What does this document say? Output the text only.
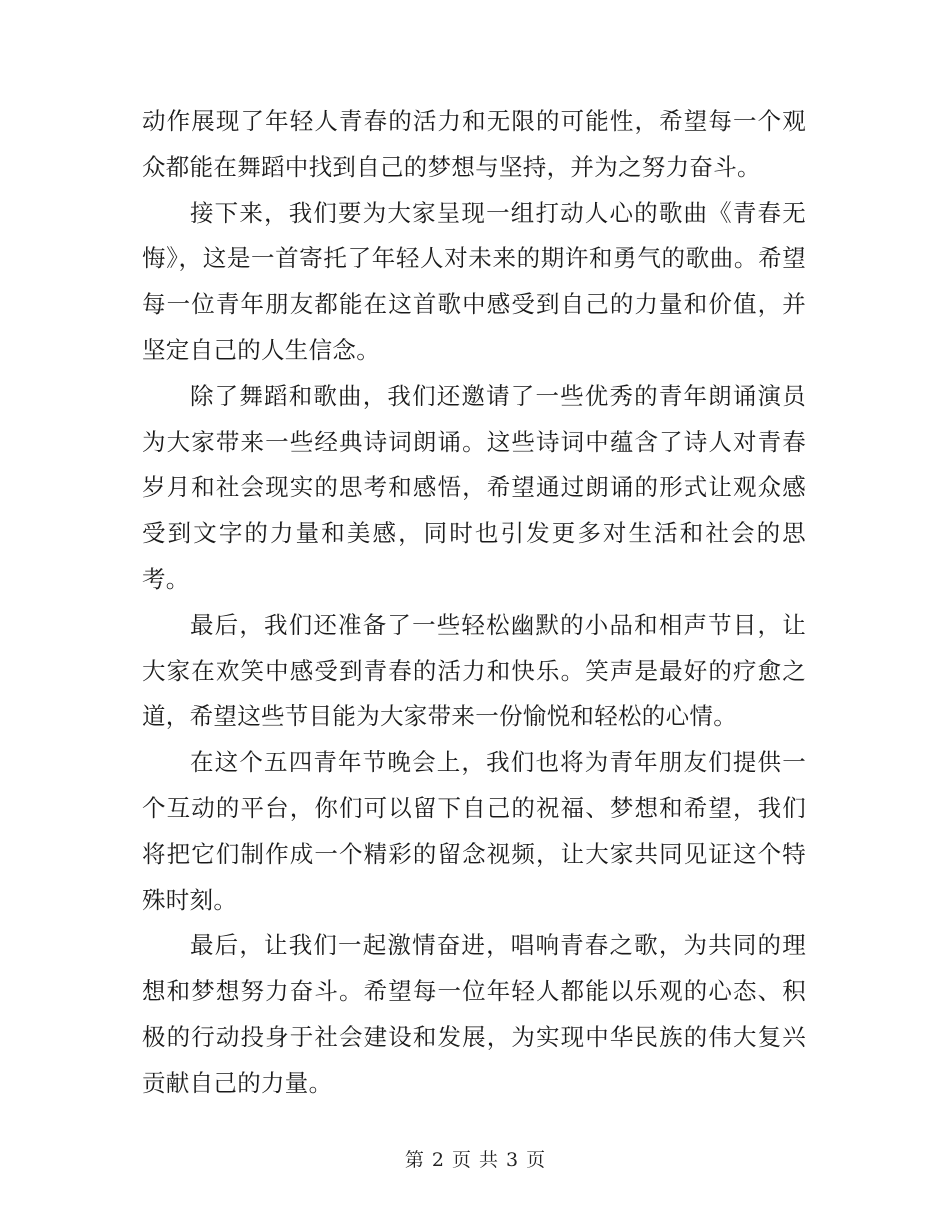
动作展现了年轻人青春的活力和无限的可能性，希望每一个观众都能在舞蹈中找到自己的梦想与坚持，并为之努力奋斗。

接下来，我们要为大家呈现一组打动人心的歌曲《青春无悔》，这是一首寄托了年轻人对未来的期许和勇气的歌曲。希望每一位青年朋友都能在这首歌中感受到自己的力量和价值，并坚定自己的人生信念。

除了舞蹈和歌曲，我们还邀请了一些优秀的青年朗诵演员为大家带来一些经典诗词朗诵。这些诗词中蕴含了诗人对青春岁月和社会现实的思考和感悟，希望通过朗诵的形式让观众感受到文字的力量和美感，同时也引发更多对生活和社会的思考。

最后，我们还准备了一些轻松幽默的小品和相声节目，让大家在欢笑中感受到青春的活力和快乐。笑声是最好的疗愈之道，希望这些节目能为大家带来一份愉悦和轻松的心情。

在这个五四青年节晚会上，我们也将为青年朋友们提供一个互动的平台，你们可以留下自己的祝福、梦想和希望，我们将把它们制作成一个精彩的留念视频，让大家共同见证这个特殊时刻。

最后，让我们一起激情奋进，唱响青春之歌，为共同的理想和梦想努力奋斗。希望每一位年轻人都能以乐观的心态、积极的行动投身于社会建设和发展，为实现中华民族的伟大复兴贡献自己的力量。

第 2 页 共 3 页
